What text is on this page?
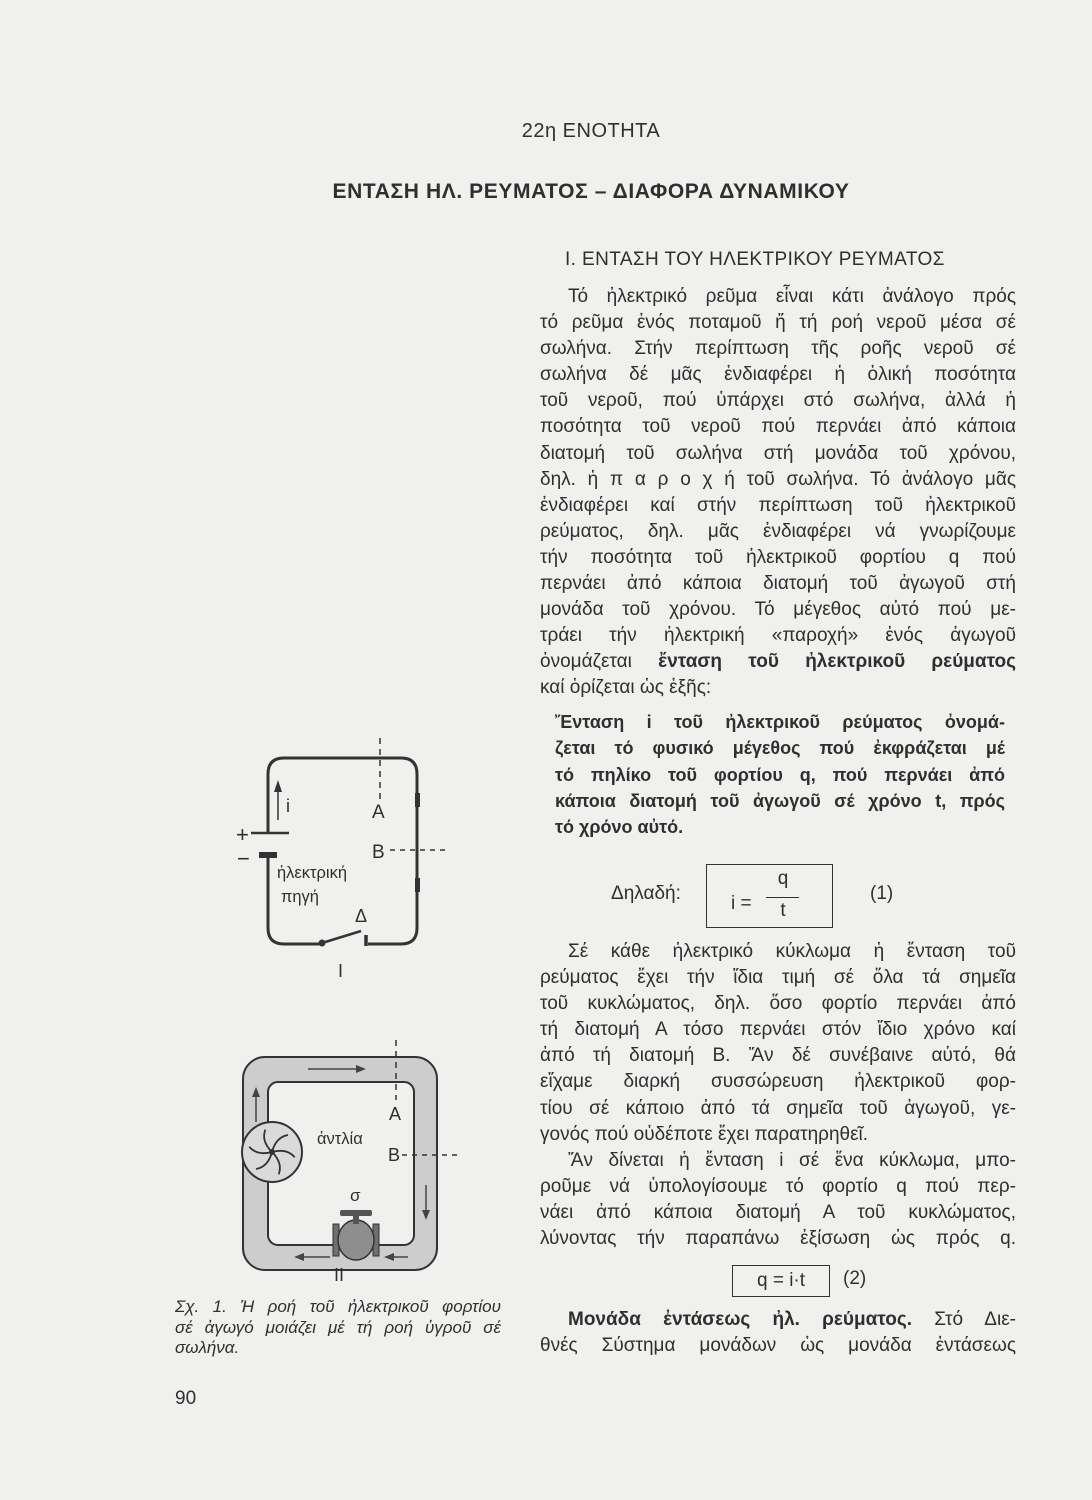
22η ΕΝΟΤΗΤΑ
ΕΝΤΑΣΗ ΗΛ. ΡΕΥΜΑΤΟΣ – ΔΙΑΦΟΡΑ ΔΥΝΑΜΙΚΟΥ
I. ΕΝΤΑΣΗ ΤΟΥ ΗΛΕΚΤΡΙΚΟΥ ΡΕΥΜΑΤΟΣ
Τό ἠλεκτρικό ρεῦμα εἶναι κάτι ἀνάλογο πρός
τό ρεῦμα ἑνός ποταμοῦ ἤ τή ροή νεροῦ μέσα σέ
σωλήνα. Στήν περίπτωση τῆς ροῆς νεροῦ σέ
σωλήνα δέ μᾶς ἐνδιαφέρει ἡ ὁλική ποσότητα
τοῦ νεροῦ, πού ὑπάρχει στό σωλήνα, ἀλλά ἡ
ποσότητα τοῦ νεροῦ πού περνάει ἀπό κάποια
διατομή τοῦ σωλήνα στή μονάδα τοῦ χρόνου,
δηλ. ἡ π α ρ ο χ ή τοῦ σωλήνα. Τό ἀνάλογο μᾶς
ἐνδιαφέρει καί στήν περίπτωση τοῦ ἠλεκτρικοῦ
ρεύματος, δηλ. μᾶς ἐνδιαφέρει νά γνωρίζουμε
τήν ποσότητα τοῦ ἠλεκτρικοῦ φορτίου q πού
περνάει ἀπό κάποια διατομή τοῦ ἀγωγοῦ στή
μονάδα τοῦ χρόνου. Τό μέγεθος αὐτό πού με-
τράει τήν ἠλεκτρική «παροχή» ἑνός ἀγωγοῦ
ὀνομάζεται ἔνταση τοῦ ἠλεκτρικοῦ ρεύματος
καί ὁρίζεται ὡς ἑξῆς:
Ἔνταση i τοῦ ἠλεκτρικοῦ ρεύματος ὀνομά-
ζεται τό φυσικό μέγεθος πού ἐκφράζεται μέ
τό πηλίκο τοῦ φορτίου q, πού περνάει ἀπό
κάποια διατομή τοῦ ἀγωγοῦ σέ χρόνο t, πρός
τό χρόνο αὐτό.
Δηλαδή:	i =
q
t
(1)
Σέ κάθε ἠλεκτρικό κύκλωμα ἡ ἔνταση τοῦ
ρεύματος ἔχει τήν ἴδια τιμή σέ ὅλα τά σημεῖα
τοῦ κυκλώματος, δηλ. ὅσο φορτίο περνάει ἀπό
τή διατομή Α τόσο περνάει στόν ἴδιο χρόνο καί
ἀπό τή διατομή Β. Ἄν δέ συνέβαινε αὐτό, θά
εἴχαμε διαρκή συσσώρευση ἠλεκτρικοῦ φορ-
τίου σέ κάποιο ἀπό τά σημεῖα τοῦ ἀγωγοῦ, γε-
γονός πού οὐδέποτε ἔχει παρατηρηθεῖ.
Ἄν δίνεται ἡ ἔνταση i σέ ἕνα κύκλωμα, μπο-
ροῦμε νά ὑπολογίσουμε τό φορτίο q πού περ-
νάει ἀπό κάποια διατομή Α τοῦ κυκλώματος,
λύνοντας τήν παραπάνω ἐξίσωση ὡς πρός q.
q = i·t	(2)
Μονάδα ἐντάσεως ἠλ. ρεύματος. Στό Διε-
θνές Σύστημα μονάδων ὡς μονάδα ἐντάσεως
+
−
i	Α
Β
Δ
ἠλεκτρική
πηγή
I
ἀντλία
Α
Β
σ
II
Σχ. 1. Ἡ ροή τοῦ ἠλεκτρικοῦ φορτίου
σέ ἀγωγό μοιάζει μέ τή ροή ὑγροῦ σέ
σωλήνα.
90
